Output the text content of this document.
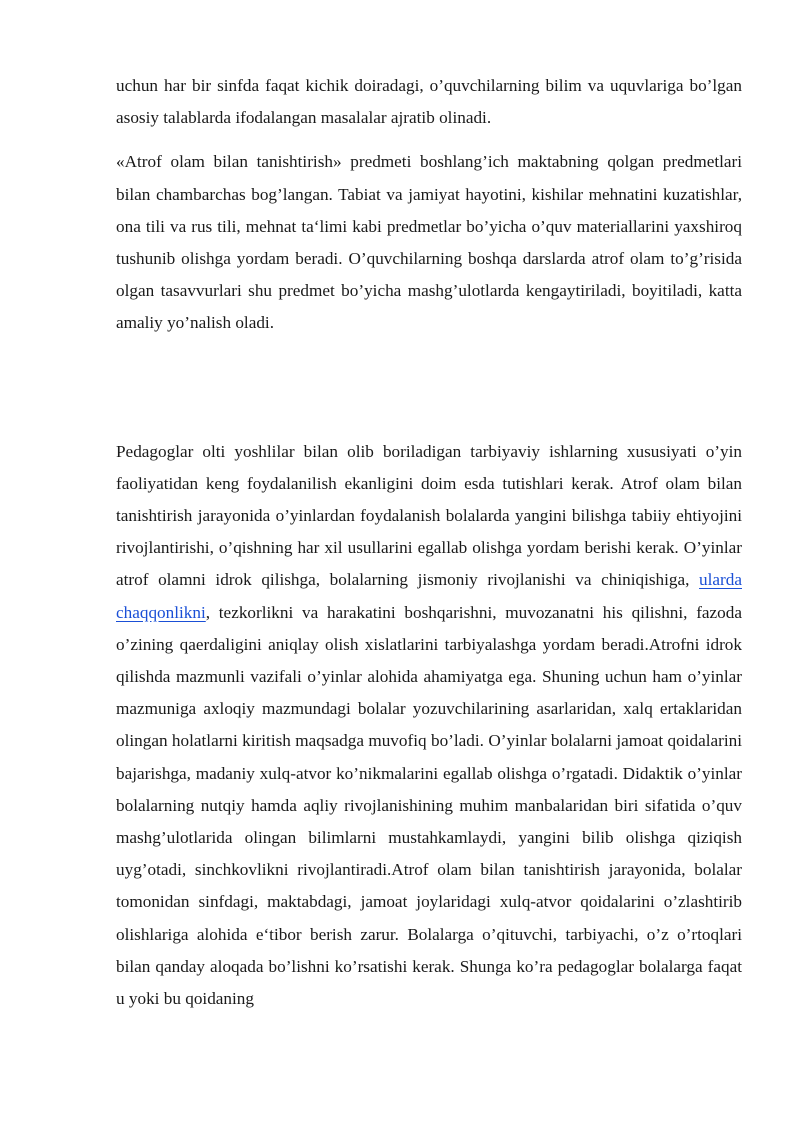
uchun har bir sinfda faqat kichik doiradagi, o’quvchilarning bilim va uquvlariga bo’lgan asosiy talablarda ifodalangan masalalar ajratib olinadi.

«Atrof olam bilan tanishtirish» predmeti boshlang’ich maktabning qolgan predmetlari bilan chambarchas bog’langan. Tabiat va jamiyat hayotini, kishilar mehnatini kuzatishlar, ona tili va rus tili, mehnat ta‘limi kabi predmetlar bo’yicha o’quv materiallarini yaxshiroq tushunib olishga yordam beradi. O’quvchilarning boshqa darslarda atrof olam to’g’risida olgan tasavvurlari shu predmet bo’yicha mashg’ulotlarda kengaytiriladi, boyitiladi, katta amaliy yo’nalish oladi.

Pedagoglar olti yoshlilar bilan olib boriladigan tarbiyaviy ishlarning xususiyati o’yin faoliyatidan keng foydalanilish ekanligini doim esda tutishlari kerak. Atrof olam bilan tanishtirish jarayonida o’yinlardan foydalanish bolalarda yangini bilishga tabiiy ehtiyojini rivojlantirishi, o’qishning har xil usullarini egallab olishga yordam berishi kerak. O’yinlar atrof olamni idrok qilishga, bolalarning jismoniy rivojlanishi va chiniqishiga, ularda chaqqonlikni, tezkorlikni va harakatini boshqarishni, muvozanatni his qilishni, fazoda o’zining qaerdaligini aniqlay olish xislatlarini tarbiyalashga yordam beradi.Atrofni idrok qilishda mazmunli vazifali o’yinlar alohida ahamiyatga ega. Shuning uchun ham o’yinlar mazmuniga axloqiy mazmundagi bolalar yozuvchilarining asarlaridan, xalq ertaklaridan olingan holatlarni kiritish maqsadga muvofiq bo’ladi. O’yinlar bolalarni jamoat qoidalarini bajarishga, madaniy xulq-atvor ko’nikmalarini egallab olishga o’rgatadi. Didaktik o’yinlar bolalarning nutqiy hamda aqliy rivojlanishining muhim manbalaridan biri sifatida o’quv mashg’ulotlarida olingan bilimlarni mustahkamlaydi, yangini bilib olishga qiziqish uyg’otadi, sinchkovlikni rivojlantiradi.Atrof olam bilan tanishtirish jarayonida, bolalar tomonidan sinfdagi, maktabdagi, jamoat joylaridagi xulq-atvor qoidalarini o’zlashtirib olishlariga alohida e‘tibor berish zarur. Bolalarga o’qituvchi, tarbiyachi, o’z o’rtoqlari bilan qanday aloqada bo’lishni ko’rsatishi kerak. Shunga ko’ra pedagoglar bolalarga faqat u yoki bu qoidaning
